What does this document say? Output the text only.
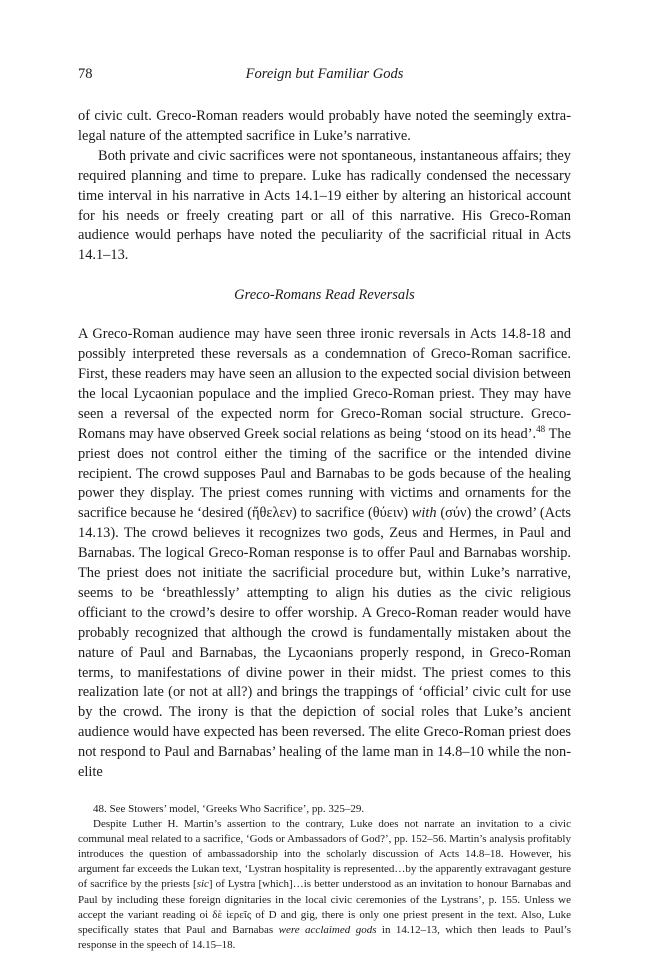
78	Foreign but Familiar Gods

of civic cult. Greco-Roman readers would probably have noted the seemingly extra-legal nature of the attempted sacrifice in Luke’s narrative.

Both private and civic sacrifices were not spontaneous, instantaneous affairs; they required planning and time to prepare. Luke has radically condensed the necessary time interval in his narrative in Acts 14.1–19 either by altering an historical account for his needs or freely creating part or all of this narrative. His Greco-Roman audience would perhaps have noted the peculiarity of the sacrificial ritual in Acts 14.1–13.

Greco-Romans Read Reversals

A Greco-Roman audience may have seen three ironic reversals in Acts 14.8-18 and possibly interpreted these reversals as a condemnation of Greco-Roman sacrifice. First, these readers may have seen an allusion to the expected social division between the local Lycaonian populace and the implied Greco-Roman priest. They may have seen a reversal of the expected norm for Greco-Roman social structure. Greco-Romans may have observed Greek social relations as being ‘stood on its head’.$^{48}$ The priest does not control either the timing of the sacrifice or the intended divine recipient. The crowd supposes Paul and Barnabas to be gods because of the healing power they display. The priest comes running with victims and ornaments for the sacrifice because he ‘desired (ἤθελεν) to sacrifice (θύειν) with (σύν) the crowd’ (Acts 14.13). The crowd believes it recognizes two gods, Zeus and Hermes, in Paul and Barnabas. The logical Greco-Roman response is to offer Paul and Barnabas worship. The priest does not initiate the sacrificial procedure but, within Luke’s narrative, seems to be ‘breathlessly’ attempting to align his duties as the civic religious officiant to the crowd’s desire to offer worship. A Greco-Roman reader would have probably recognized that although the crowd is fundamentally mistaken about the nature of Paul and Barnabas, the Lycaonians properly respond, in Greco-Roman terms, to manifestations of divine power in their midst. The priest comes to this realization late (or not at all?) and brings the trappings of ‘official’ civic cult for use by the crowd. The irony is that the depiction of social roles that Luke’s ancient audience would have expected has been reversed. The elite Greco-Roman priest does not respond to Paul and Barnabas’ healing of the lame man in 14.8–10 while the non-elite

48. See Stowers’ model, ‘Greeks Who Sacrifice’, pp. 325–29.

Despite Luther H. Martin’s assertion to the contrary, Luke does not narrate an invitation to a civic communal meal related to a sacrifice, ‘Gods or Ambassadors of God?’, pp. 152–56. Martin’s analysis profitably introduces the question of ambassadorship into the scholarly discussion of Acts 14.8–18. However, his argument far exceeds the Lukan text, ‘Lystran hospitality is represented…by the apparently extravagant gesture of sacrifice by the priests [sic] of Lystra [which]…is better understood as an invitation to honour Barnabas and Paul by including these foreign dignitaries in the local civic ceremonies of the Lystrans’, p. 155. Unless we accept the variant reading οἱ δὲ ἱερεῖς of D and gig, there is only one priest present in the text. Also, Luke specifically states that Paul and Barnabas were acclaimed gods in 14.12–13, which then leads to Paul’s response in the speech of 14.15–18.
